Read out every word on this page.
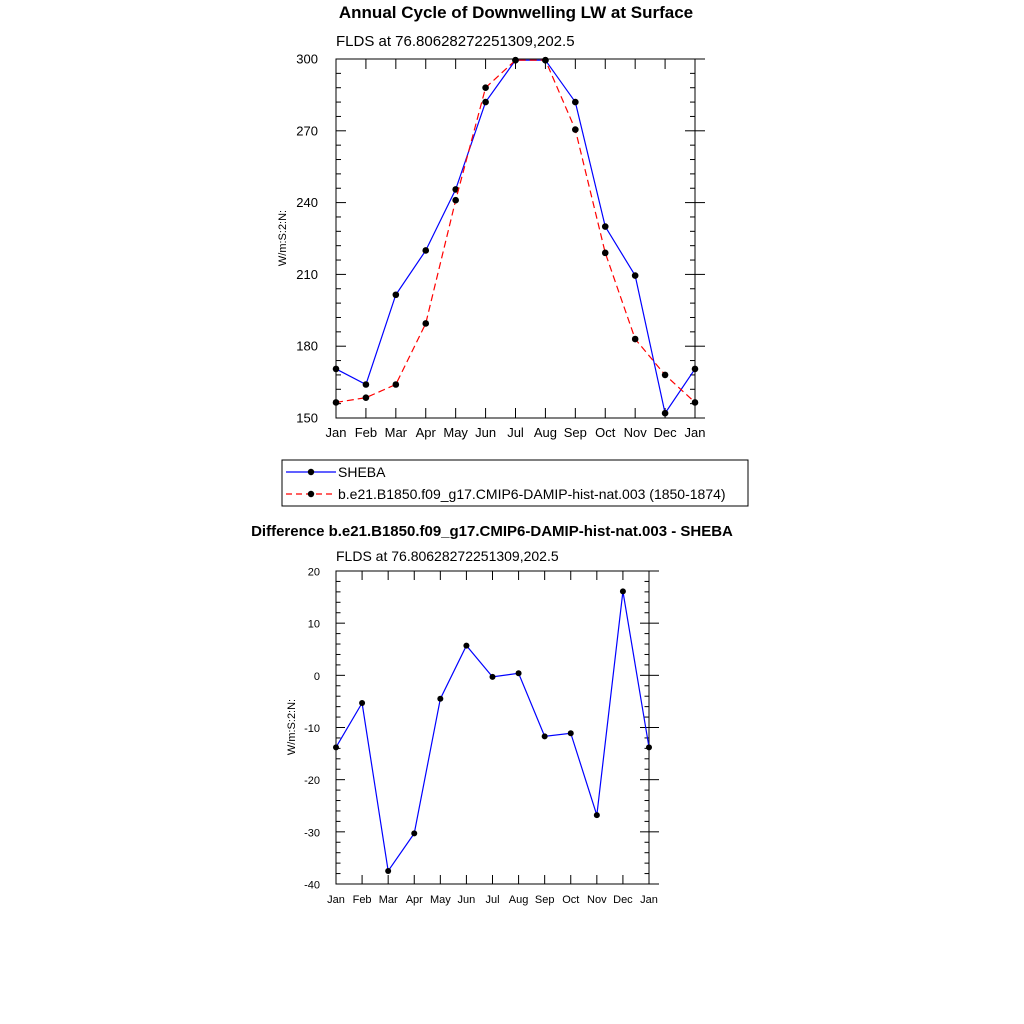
Annual Cycle of Downwelling LW at Surface
FLDS at 76.80628272251309,202.5
W/m:S:2:N:
SHEBA
b.e21.B1850.f09_g17.CMIP6-DAMIP-hist-nat.003 (1850-1874)
Difference b.e21.B1850.f09_g17.CMIP6-DAMIP-hist-nat.003 - SHEBA
FLDS at 76.80628272251309,202.5
W/m:S:2:N:
Jan Feb Mar Apr May Jun Jul Aug Sep Oct Nov Dec Jan
150
180
210
240
270
300
Jan Feb Mar Apr May Jun Jul Aug Sep Oct Nov Dec Jan
-40
-30
-20
-10
0
10
20
